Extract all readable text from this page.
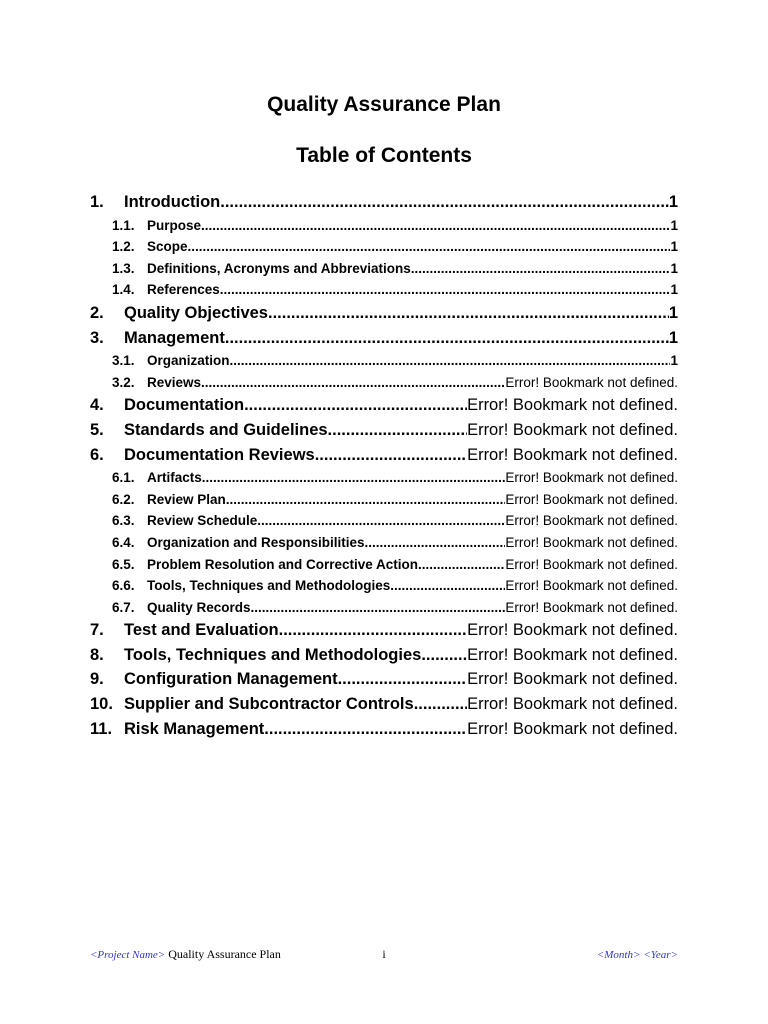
Quality Assurance Plan
Table of Contents
1.	Introduction .....	1
1.1. Purpose .....	1
1.2. Scope .....	1
1.3. Definitions, Acronyms and Abbreviations .....	1
1.4. References .....	1
2.	Quality Objectives .....	1
3.	Management .....	1
3.1. Organization .....	1
3.2. Reviews .....	Error! Bookmark not defined.
4.	Documentation .....	Error! Bookmark not defined.
5.	Standards and Guidelines .....	Error! Bookmark not defined.
6.	Documentation Reviews .....	Error! Bookmark not defined.
6.1. Artifacts .....	Error! Bookmark not defined.
6.2. Review Plan .....	Error! Bookmark not defined.
6.3. Review Schedule .....	Error! Bookmark not defined.
6.4. Organization and Responsibilities .....	Error! Bookmark not defined.
6.5. Problem Resolution and Corrective Action .....	Error! Bookmark not defined.
6.6. Tools, Techniques and Methodologies .....	Error! Bookmark not defined.
6.7. Quality Records .....	Error! Bookmark not defined.
7.	Test and Evaluation .....	Error! Bookmark not defined.
8.	Tools, Techniques and Methodologies .....	Error! Bookmark not defined.
9.	Configuration Management .....	Error! Bookmark not defined.
10. Supplier and Subcontractor Controls .....	Error! Bookmark not defined.
11. Risk Management .....	Error! Bookmark not defined.
<Project Name> Quality Assurance Plan	i	<Month> <Year>
